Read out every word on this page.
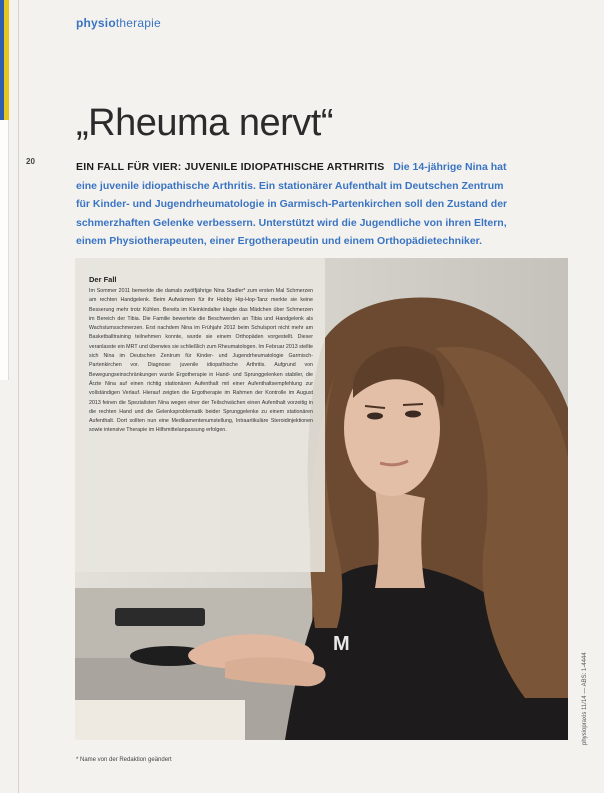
20
physiotherapie
„Rheuma nervt“

EIN FALL FÜR VIER: JUVENILE IDIOPATHISCHE ARTHRITIS Die 14-jährige Nina hat eine juvenile idiopathische Arthritis. Ein stationärer Aufenthalt im Deutschen Zentrum für Kinder- und Jugendrheumatologie in Garmisch-Partenkirchen soll den Zustand der schmerzhaften Gelenke verbessern. Unterstützt wird die Jugendliche von ihren Eltern, einem Physiotherapeuten, einer Ergotherapeutin und einem Orthopädietechniker.

M
Der Fall
Im Sommer 2011 bemerkte die damals zwölfjährige Nina Stadler* zum ersten Mal Schmerzen am rechten Handgelenk. Beim Aufwärmen für ihr Hobby Hip-Hop-Tanz merkte sie keine Besserung mehr trotz Kühlen. Bereits im Kleinkindalter klagte das Mädchen über Schmerzen im Bereich der Tibia. Die Familie bewertete die Beschwerden an Tibia und Handgelenk als Wachstumsschmerzen. Erst nachdem Nina im Frühjahr 2012 beim Schulsport nicht mehr am Basketballtraining teilnehmen konnte, wurde sie einem Orthopäden vorgestellt. Dieser veranlasste ein MRT und überwies sie schließlich zum Rheumatologen. Im Februar 2013 stellte sich Nina im Deutschen Zentrum für Kinder- und Jugendrheumatologie Garmisch-Partenkirchen vor. Diagnose: juvenile idiopathische Arthritis. Aufgrund von Bewegungseinschränkungen wurde Ergotherapie in Hand- und Sprunggelenken stabiler, die Ärzte Nina auf einen richtig stationären Aufenthalt mit einer Aufenthaltsempfehlung zur vollständigen Verlauf. Hierauf zeigten die Ergotherapie im Rahmen der Kontrolle im August 2013 feinen die Spezialisten Nina wegen einer der Teilschwächen einen Aufenthalt vorzeitig in die rechten Hand und die Gelenksproblematik beider Sprunggelenke zu einem stationären Aufenthalt. Dort sollten nun eine Medikamentenumstellung, Intraartikuläre Steroidinjektionen sowie intensive Therapie im Hilfsmittelanpassung erfolgen.
* Name von der Redaktion geändert
physiopraxis 11/14 — ABS: 1-4444
